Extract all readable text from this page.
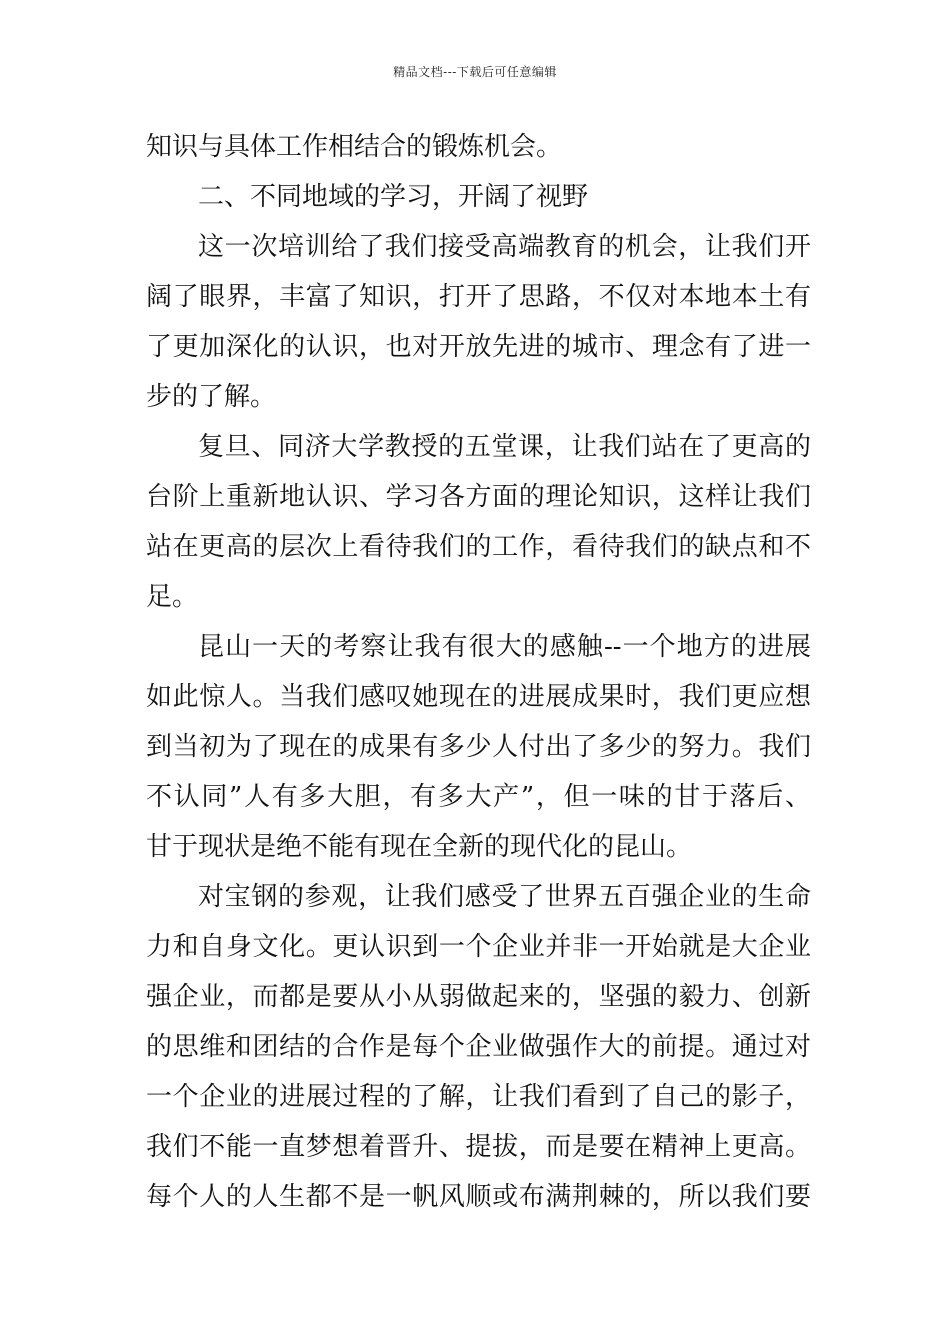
精品文档---下载后可任意编辑
知识与具体工作相结合的锻炼机会。
二、不同地域的学习，开阔了视野
这一次培训给了我们接受高端教育的机会，让我们开
阔了眼界，丰富了知识，打开了思路，不仅对本地本土有
了更加深化的认识，也对开放先进的城市、理念有了进一
步的了解。
复旦、同济大学教授的五堂课，让我们站在了更高的
台阶上重新地认识、学习各方面的理论知识，这样让我们
站在更高的层次上看待我们的工作，看待我们的缺点和不
足。
昆山一天的考察让我有很大的感触--一个地方的进展
如此惊人。当我们感叹她现在的进展成果时，我们更应想
到当初为了现在的成果有多少人付出了多少的努力。我们
不认同”人有多大胆，有多大产”，但一味的甘于落后、
甘于现状是绝不能有现在全新的现代化的昆山。
对宝钢的参观，让我们感受了世界五百强企业的生命
力和自身文化。更认识到一个企业并非一开始就是大企业
强企业，而都是要从小从弱做起来的，坚强的毅力、创新
的思维和团结的合作是每个企业做强作大的前提。通过对
一个企业的进展过程的了解，让我们看到了自己的影子，
我们不能一直梦想着晋升、提拔，而是要在精神上更高。
每个人的人生都不是一帆风顺或布满荆棘的，所以我们要
